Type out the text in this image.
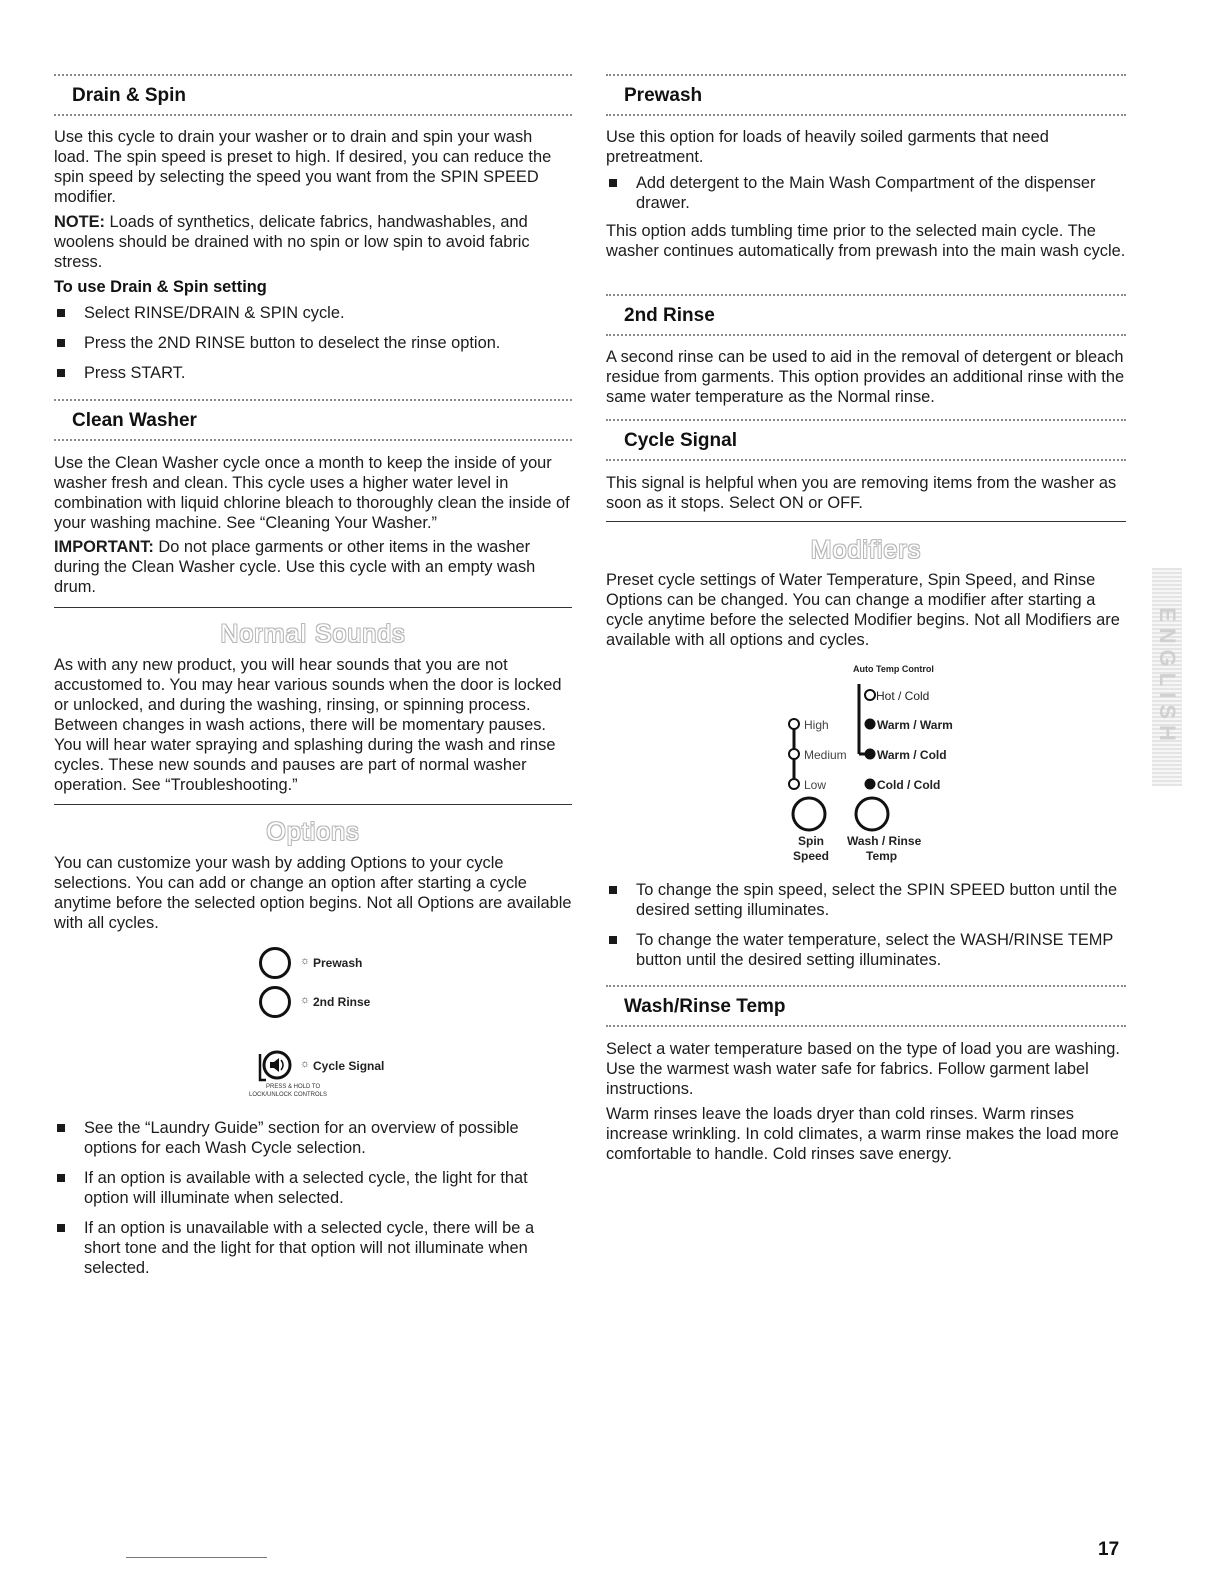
Drain & Spin

Use this cycle to drain your washer or to drain and spin your wash load. The spin speed is preset to high. If desired, you can reduce the spin speed by selecting the speed you want from the SPIN SPEED modifier.

NOTE: Loads of synthetics, delicate fabrics, handwashables, and woolens should be drained with no spin or low spin to avoid fabric stress.

To use Drain & Spin setting
Select RINSE/DRAIN & SPIN cycle.
Press the 2ND RINSE button to deselect the rinse option.
Press START.
Clean Washer

Use the Clean Washer cycle once a month to keep the inside of your washer fresh and clean. This cycle uses a higher water level in combination with liquid chlorine bleach to thoroughly clean the inside of your washing machine. See “Cleaning Your Washer.”

IMPORTANT: Do not place garments or other items in the washer during the Clean Washer cycle. Use this cycle with an empty wash drum.

Normal Sounds

As with any new product, you will hear sounds that you are not accustomed to. You may hear various sounds when the door is locked or unlocked, and during the washing, rinsing, or spinning process. Between changes in wash actions, there will be momentary pauses. You will hear water spraying and splashing during the wash and rinse cycles. These new sounds and pauses are part of normal washer operation. See “Troubleshooting.”

Options

You can customize your wash by adding Options to your cycle selections. You can add or change an option after starting a cycle anytime before the selected option begins. Not all Options are available with all cycles.

☼ Prewash
☼ 2nd Rinse
☼ Cycle Signal
PRESS & HOLD TO
LOCK/UNLOCK CONTROLS
See the “Laundry Guide” section for an overview of possible options for each Wash Cycle selection.
If an option is available with a selected cycle, the light for that option will illuminate when selected.
If an option is unavailable with a selected cycle, there will be a short tone and the light for that option will not illuminate when selected.
Prewash

Use this option for loads of heavily soiled garments that need pretreatment.

Add detergent to the Main Wash Compartment of the dispenser drawer.

This option adds tumbling time prior to the selected main cycle. The washer continues automatically from prewash into the main wash cycle.

2nd Rinse

A second rinse can be used to aid in the removal of detergent or bleach residue from garments. This option provides an additional rinse with the same water temperature as the Normal rinse.

Cycle Signal

This signal is helpful when you are removing items from the washer as soon as it stops. Select ON or OFF.

Modifiers

Preset cycle settings of Water Temperature, Spin Speed, and Rinse Options can be changed. You can change a modifier after starting a cycle anytime before the selected Modifier begins. Not all Modifiers are available with all options and cycles.

Auto Temp Control
Hot / Cold
High	Warm / Warm
Medium	Warm / Cold
Low	Cold / Cold
Spin
Speed
Wash / Rinse
Temp
To change the spin speed, select the SPIN SPEED button until the desired setting illuminates.
To change the water temperature, select the WASH/RINSE TEMP button until the desired setting illuminates.
Wash/Rinse Temp

Select a water temperature based on the type of load you are washing. Use the warmest wash water safe for fabrics. Follow garment label instructions.

Warm rinses leave the loads dryer than cold rinses. Warm rinses increase wrinkling. In cold climates, a warm rinse makes the load more comfortable to handle. Cold rinses save energy.

ENGLISH
17
